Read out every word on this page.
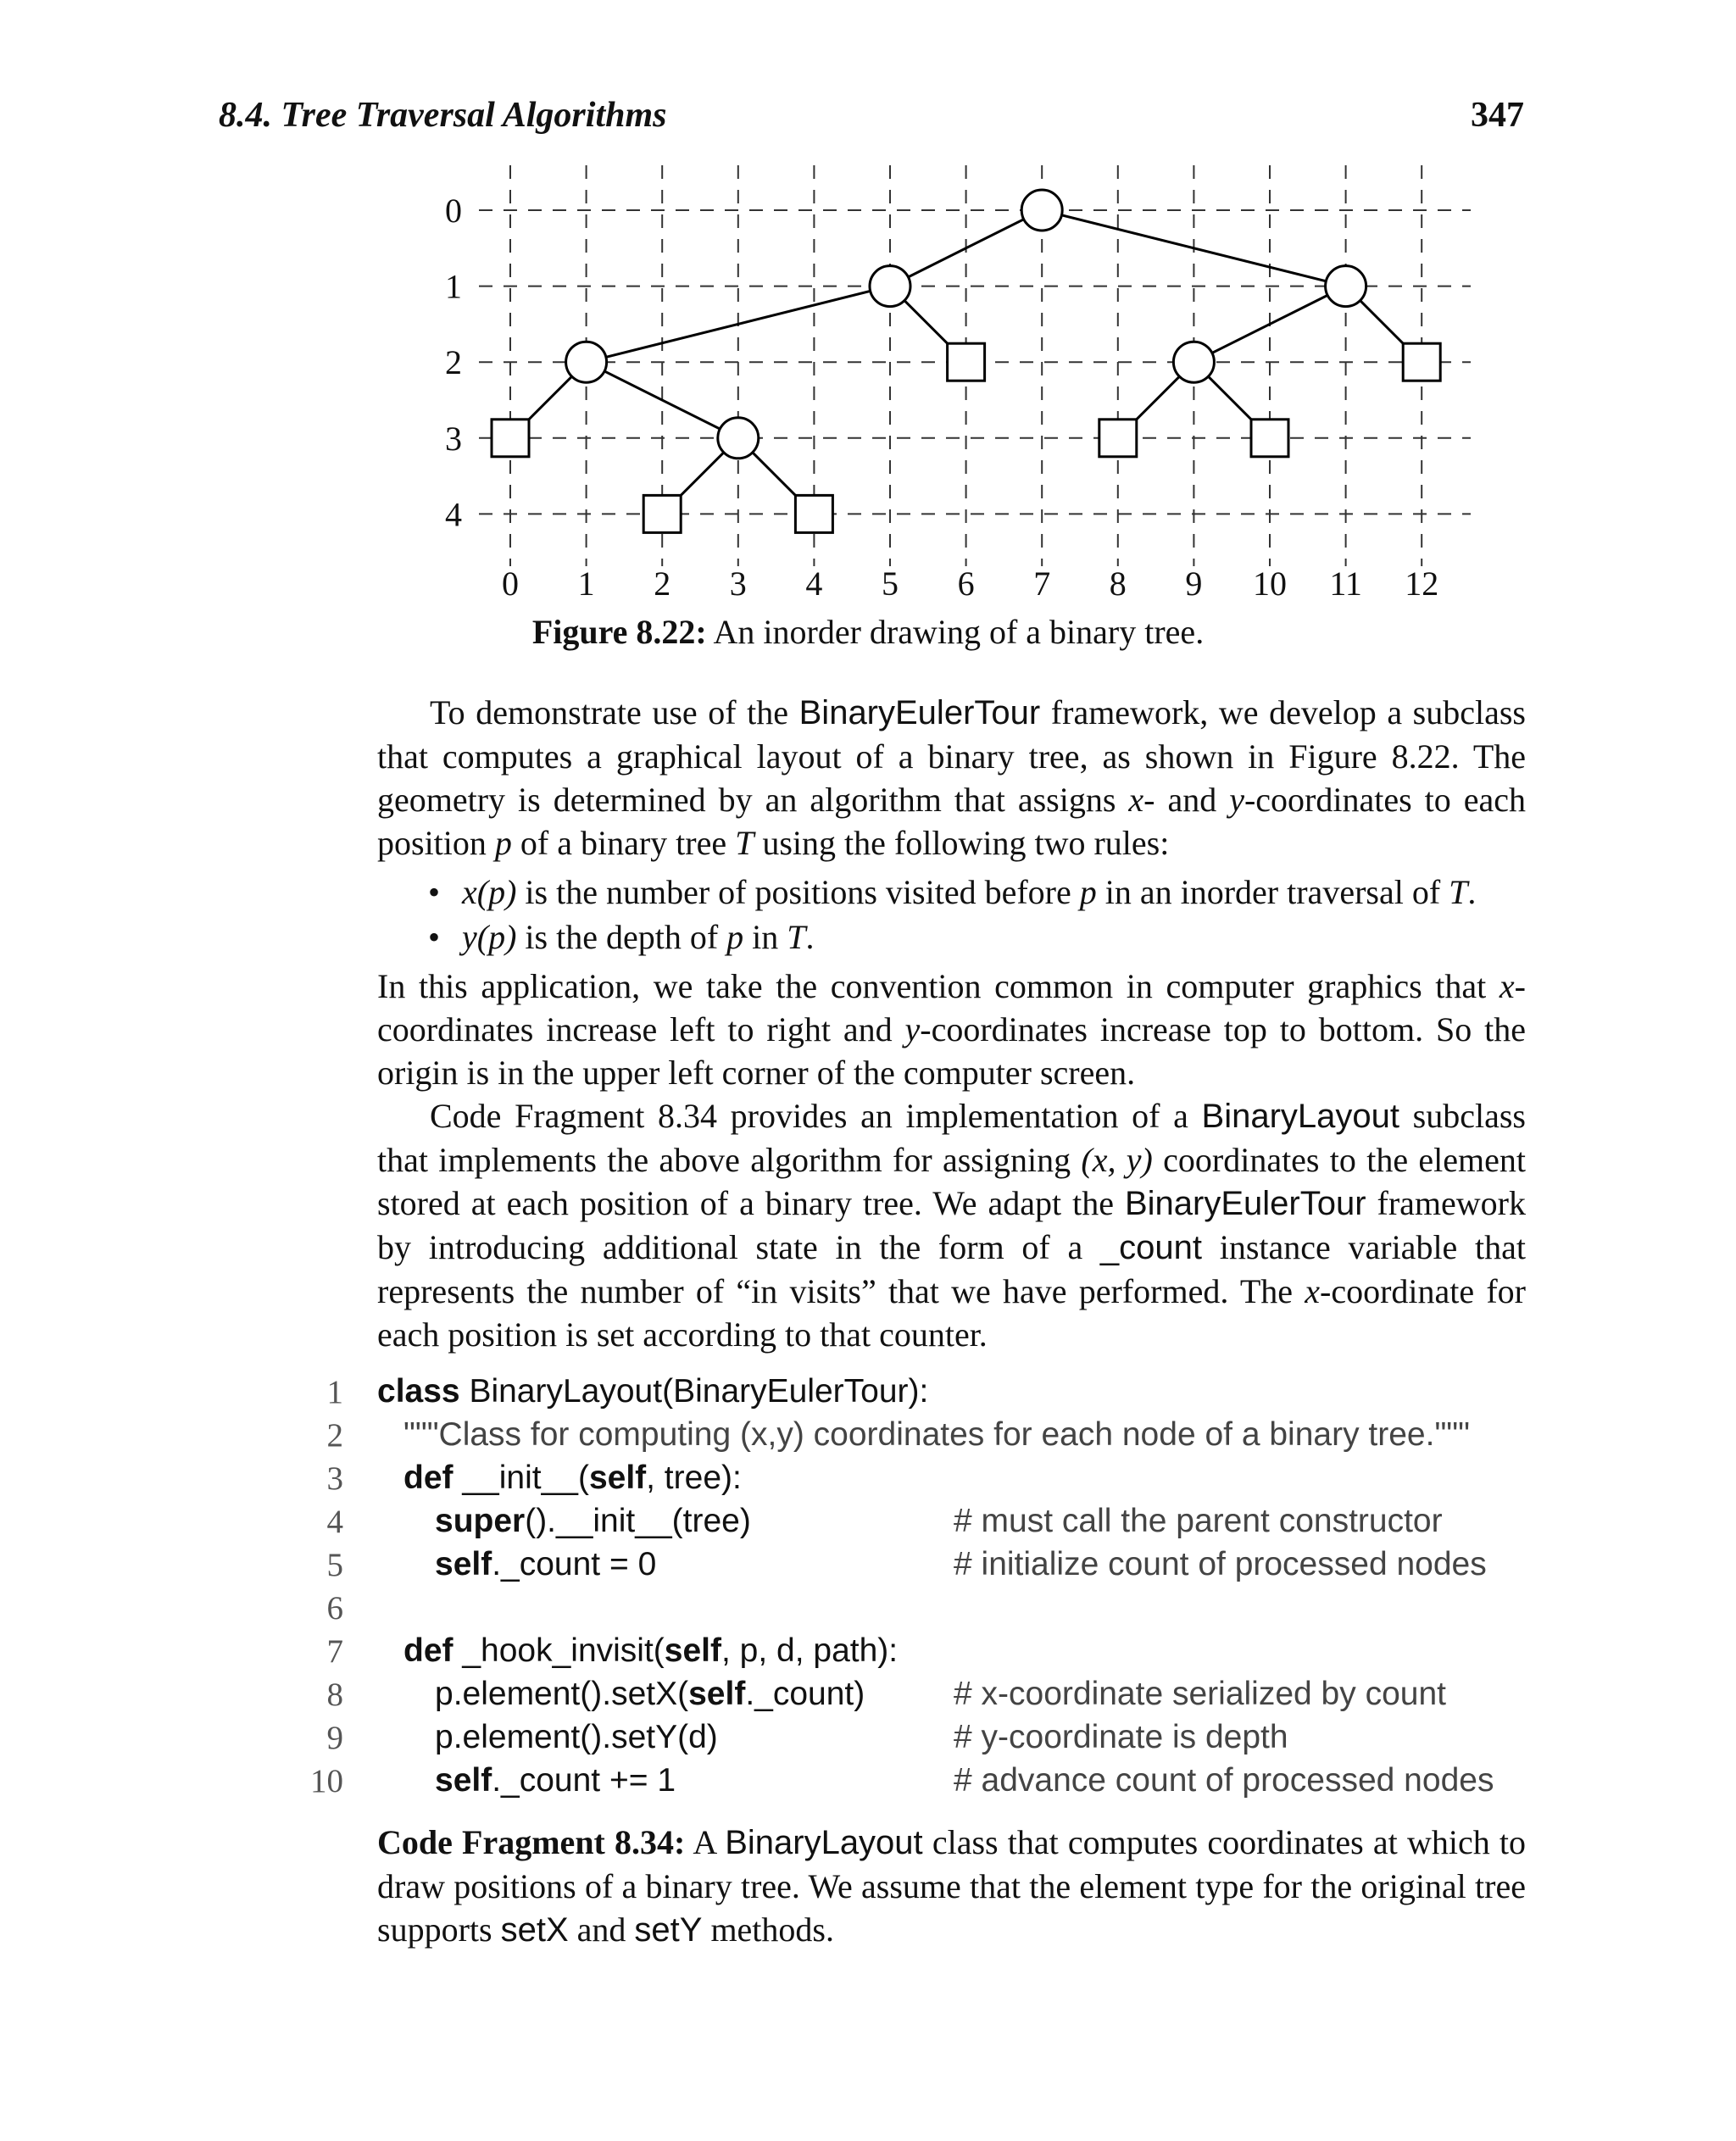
8.4. Tree Traversal Algorithms	347
0
1
2
3
4
0 1 2 3 4 5 6 7 8 9 10 11 12
Figure 8.22: An inorder drawing of a binary tree.
To demonstrate use of the BinaryEulerTour framework, we develop a subclass that computes a graphical layout of a binary tree, as shown in Figure 8.22. The geometry is determined by an algorithm that assigns x- and y-coordinates to each position p of a binary tree T using the following two rules:
• x(p) is the number of positions visited before p in an inorder traversal of T.
• y(p) is the depth of p in T.
In this application, we take the convention common in computer graphics that x-coordinates increase left to right and y-coordinates increase top to bottom. So the origin is in the upper left corner of the computer screen.
Code Fragment 8.34 provides an implementation of a BinaryLayout subclass that implements the above algorithm for assigning (x, y) coordinates to the element stored at each position of a binary tree. We adapt the BinaryEulerTour framework by introducing additional state in the form of a _count instance variable that represents the number of “in visits” that we have performed. The x-coordinate for each position is set according to that counter.
1
2
3
4
5
6
7
8
9
10
class BinaryLayout(BinaryEulerTour):
"""Class for computing (x,y) coordinates for each node of a binary tree."""
def __init__(self, tree):
super().__init__(tree)	# must call the parent constructor
self._count = 0	# initialize count of processed nodes
def _hook_invisit(self, p, d, path):
p.element().setX(self._count)	# x-coordinate serialized by count
p.element().setY(d)	# y-coordinate is depth
self._count += 1	# advance count of processed nodes
Code Fragment 8.34: A BinaryLayout class that computes coordinates at which to draw positions of a binary tree. We assume that the element type for the original tree supports setX and setY methods.
